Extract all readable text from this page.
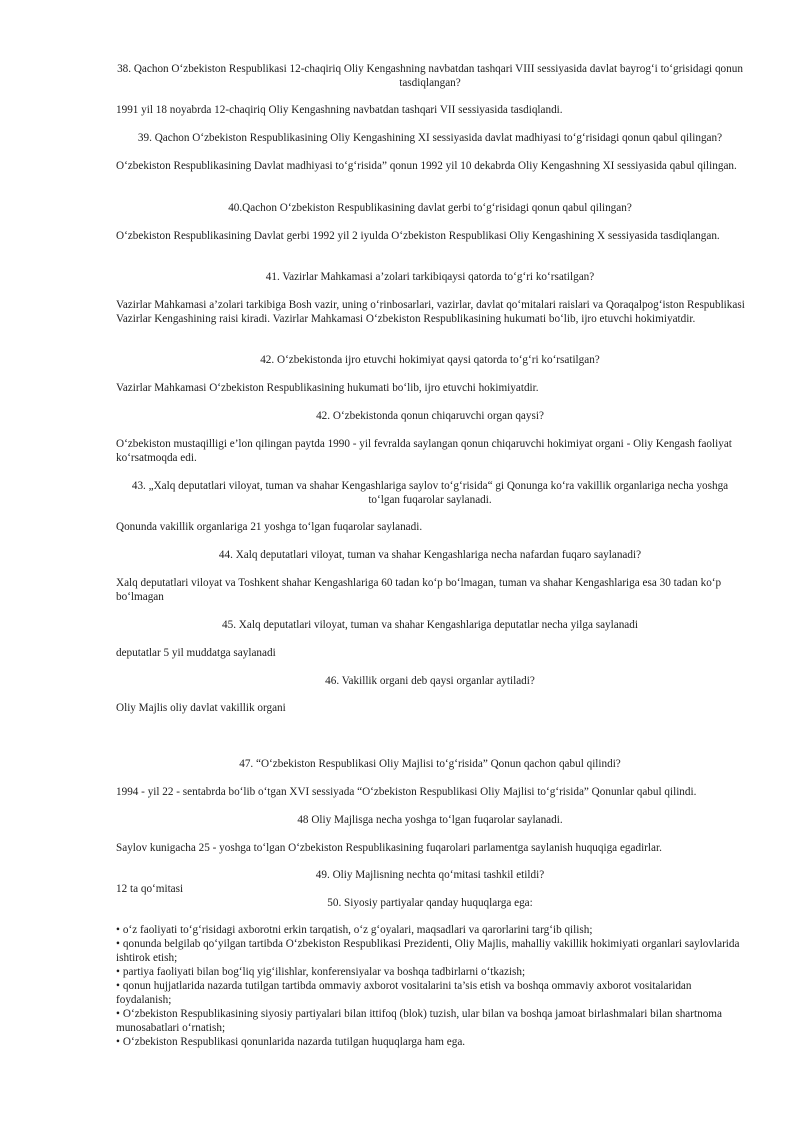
38. Qachon Oʻzbekiston Respublikasi 12-chaqiriq Oliy Kengashning navbatdan tashqari VIII sessiyasida davlat bayrogʻi toʻgrisidagi qonun tasdiqlangan?
1991 yil 18 noyabrda 12-chaqiriq Oliy Kengashning navbatdan tashqari VII sessiyasida tasdiqlandi.
39. Qachon Oʻzbekiston Respublikasining Oliy Kengashining XI sessiyasida davlat madhiyasi toʻgʻrisidagi qonun qabul qilingan?
Oʻzbekiston Respublikasining Davlat madhiyasi toʻgʻrisida” qonun 1992 yil 10 dekabrda Oliy Kengashning XI sessiyasida qabul qilingan.
40.Qachon Oʻzbekiston Respublikasining davlat gerbi toʻgʻrisidagi qonun qabul qilingan?
Oʻzbekiston Respublikasining Davlat gerbi 1992 yil 2 iyulda Oʻzbekiston Respublikasi Oliy Kengashining X sessiyasida tasdiqlangan.
41. Vazirlar Mahkamasi a’zolari tarkibiqaysi qatorda toʻgʻri koʻrsatilgan?
Vazirlar Mahkamasi a’zolari tarkibiga Bosh vazir, uning oʻrinbosarlari, vazirlar, davlat qoʻmitalari raislari va Qoraqalpogʻiston Respublikasi Vazirlar Kengashining raisi kiradi. Vazirlar Mahkamasi Oʻzbekiston Respublikasining hukumati boʻlib, ijro etuvchi hokimiyatdir.
42. Oʻzbekistonda ijro etuvchi hokimiyat qaysi qatorda toʻgʻri koʻrsatilgan?
Vazirlar Mahkamasi Oʻzbekiston Respublikasining hukumati boʻlib, ijro etuvchi hokimiyatdir.
42. Oʻzbekistonda qonun chiqaruvchi organ qaysi?
Oʻzbekiston mustaqilligi e’lon qilingan paytda 1990 - yil fevralda saylangan qonun chiqaruvchi hokimiyat organi - Oliy Kengash faoliyat koʻrsatmoqda edi.
43. „Xalq deputatlari viloyat, tuman va shahar Kengashlariga saylov toʻgʻrisida“ gi Qonunga koʻra vakillik organlariga necha yoshga toʻlgan fuqarolar saylanadi.
Qonunda vakillik organlariga 21 yoshga toʻlgan fuqarolar saylanadi.
44. Xalq deputatlari viloyat, tuman va shahar Kengashlariga necha nafardan fuqaro saylanadi?
Xalq deputatlari viloyat va Toshkent shahar Kengashlariga 60 tadan koʻp boʻlmagan, tuman va shahar Kengashlariga esa 30 tadan koʻp boʻlmagan
45. Xalq deputatlari viloyat, tuman va shahar Kengashlariga deputatlar necha yilga saylanadi
deputatlar 5 yil muddatga saylanadi
46. Vakillik organi deb qaysi organlar aytiladi?
Oliy Majlis oliy davlat vakillik organi
47. “Oʻzbekiston Respublikasi Oliy Majlisi toʻgʻrisida” Qonun qachon qabul qilindi?
1994 - yil 22 - sentabrda boʻlib oʻtgan XVI sessiyada “Oʻzbekiston Respublikasi Oliy Majlisi toʻgʻrisida” Qonunlar qabul qilindi.
48 Oliy Majlisga necha yoshga toʻlgan fuqarolar saylanadi.
Saylov kunigacha 25 - yoshga toʻlgan Oʻzbekiston Respublikasining fuqarolari parlamentga saylanish huquqiga egadirlar.
49. Oliy Majlisning nechta qoʻmitasi tashkil etildi?
12 ta qoʻmitasi
50. Siyosiy partiyalar qanday huquqlarga ega:
• oʻz faoliyati toʻgʻrisidagi axborotni erkin tarqatish, oʻz gʻoyalari, maqsadlari va qarorlarini targʻib qilish;
• qonunda belgilab qoʻyilgan tartibda Oʻzbekiston Respublikasi Prezidenti, Oliy Majlis, mahalliy vakillik hokimiyati organlari saylovlarida ishtirok etish;
• partiya faoliyati bilan bogʻliq yigʻilishlar, konferensiyalar va boshqa tadbirlarni oʻtkazish;
• qonun hujjatlarida nazarda tutilgan tartibda ommaviy axborot vositalarini ta’sis etish va boshqa ommaviy axborot vositalaridan foydalanish;
• Oʻzbekiston Respublikasining siyosiy partiyalari bilan ittifoq (blok) tuzish, ular bilan va boshqa jamoat birlashmalari bilan shartnoma munosabatlari oʻrnatish;
• Oʻzbekiston Respublikasi qonunlarida nazarda tutilgan huquqlarga ham ega.
